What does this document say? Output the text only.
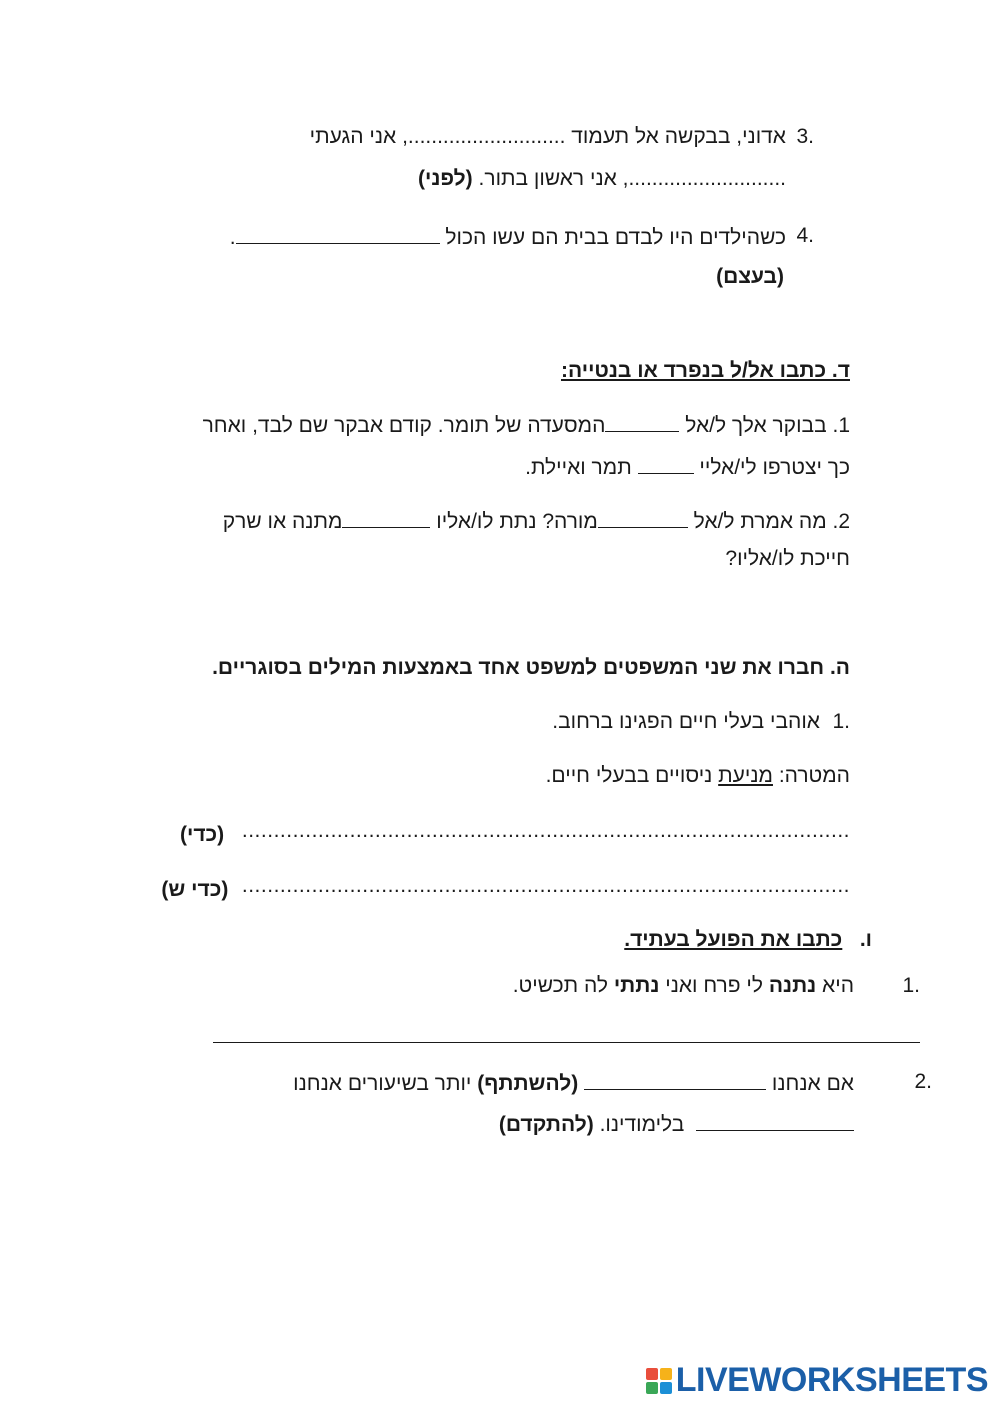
3.
אדוני, בבקשה אל תעמוד ..........................., אני הגעתי
..........................., אני ראשון בתור. (לפני)
4.
כשהילדים היו לבדם בבית הם עשו הכול .
(בעצם)
ד. כתבו אל/ל בנפרד או בנטייה:
1. בבוקר אלך ל/אל המסעדה של תומר. קודם אבקר שם לבד, ואחר
כך יצטרפו לי/אליי  תמר ואיילת.
2. מה אמרת ל/אל מורה? נתת לו/אליו מתנה או שרק
חייכת לו/אליו?
ה. חברו את שני המשפטים למשפט אחד באמצעות המילים בסוגריים.
1.
אוהבי בעלי חיים הפגינו ברחוב.
המטרה: מניעת ניסויים בבעלי חיים.
................................................................................................ (כדי)
................................................................................................  (כדי ש)
ו.   כתבו את הפועל בעתיד.
1.
היא נתנה לי פרח ואני נתתי לה תכשיט.
2.
אם אנחנו  (להשתתף) יותר בשיעורים אנחנו
בלימודינו. (להתקדם)
LIVEWORKSHEETS
